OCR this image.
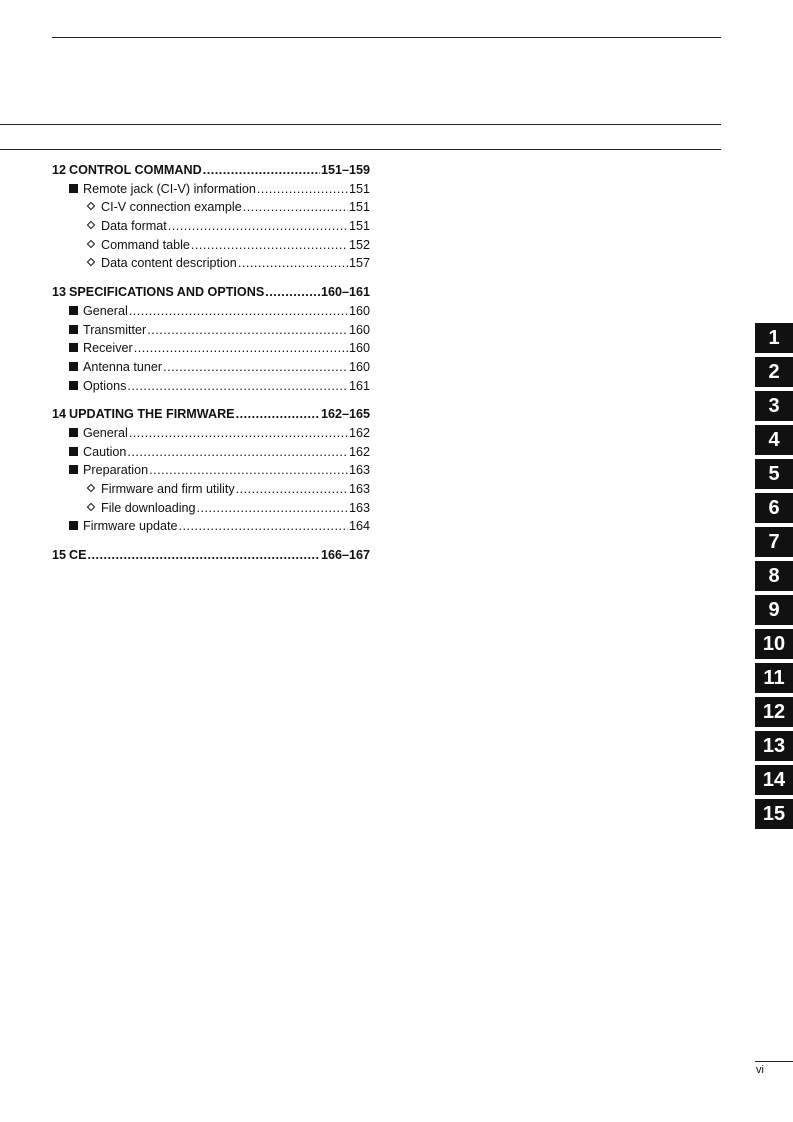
12 CONTROL COMMAND .....	151–159
Remote jack (CI-V) information .....	151
CI-V connection example .....	151
Data format .....	151
Command table .....	152
Data content description .....	157
13 SPECIFICATIONS AND OPTIONS .....	160–161
General .....	160
Transmitter .....	160
Receiver .....	160
Antenna tuner .....	160
Options .....	161
14 UPDATING THE FIRMWARE .....	162–165
General .....	162
Caution .....	162
Preparation .....	163
Firmware and firm utility .....	163
File downloading .....	163
Firmware update .....	164
15 CE .....	166–167
1
2
3
4
5
6
7
8
9
10
11
12
13
14
15
vi
